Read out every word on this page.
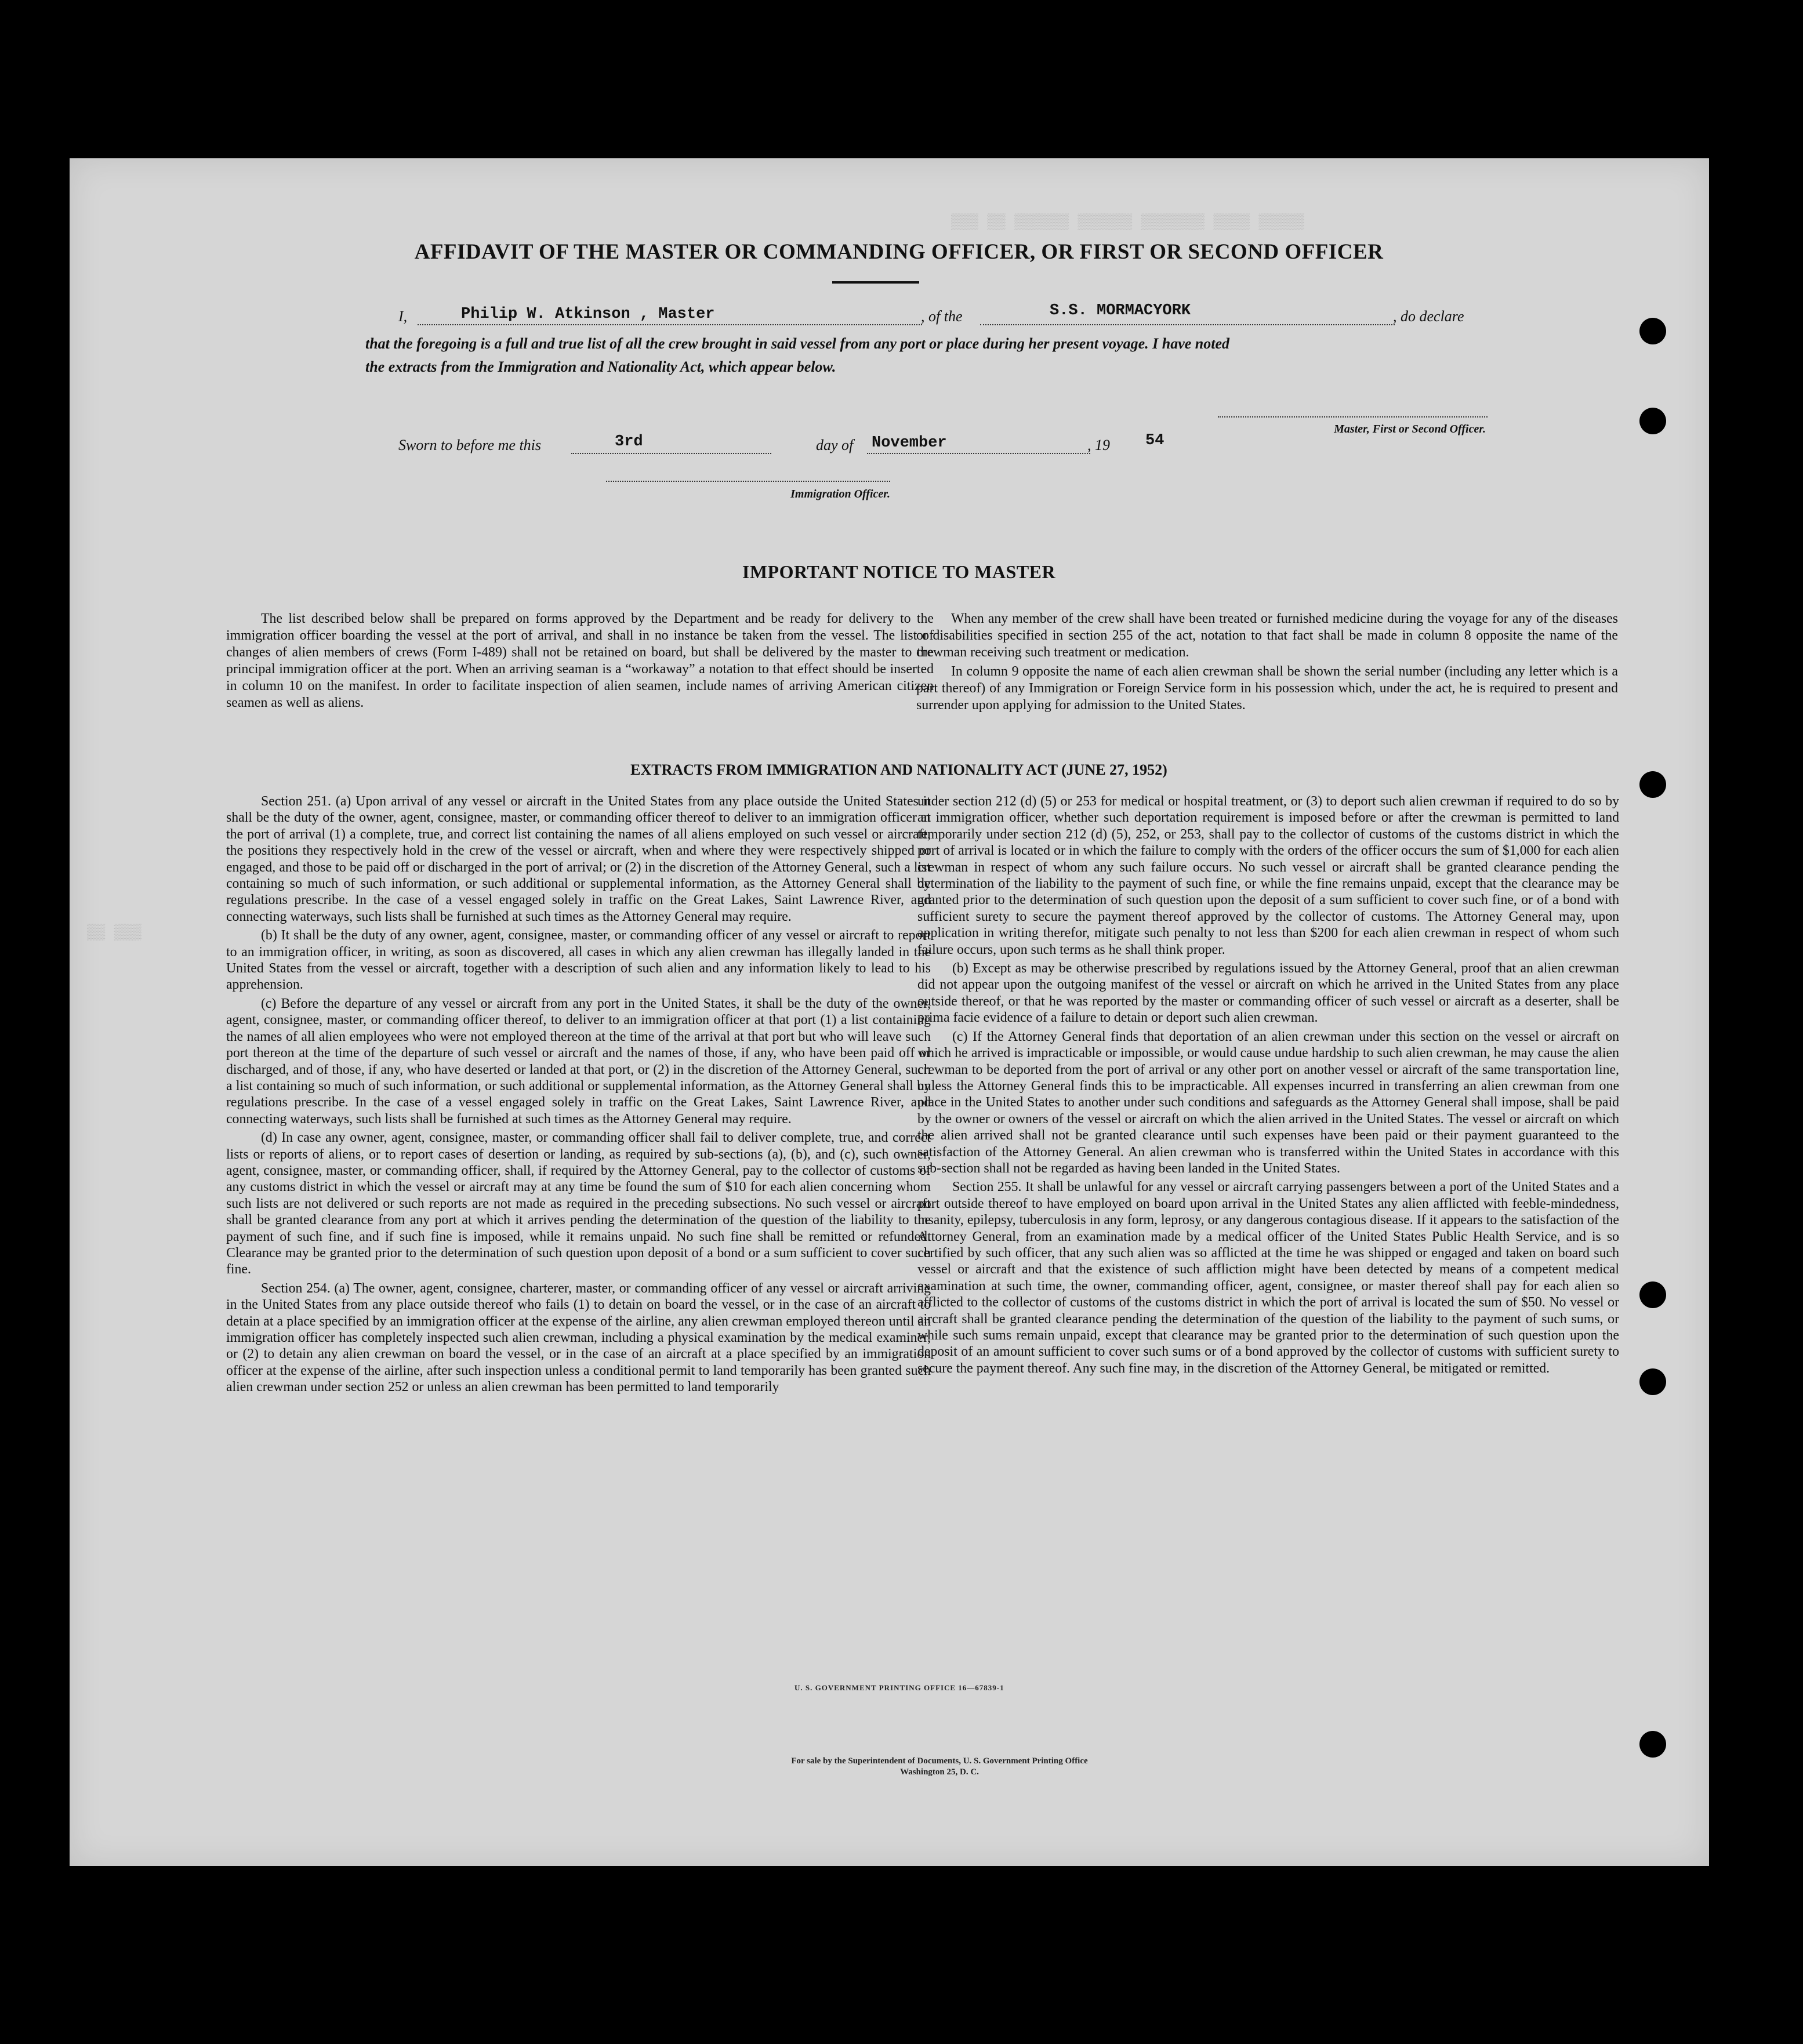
▒▒▒ ▒▒ ▒▒▒▒▒▒ ▒▒▒▒▒▒ ▒▒▒▒▒▒▒ ▒▒▒▒ ▒▒▒▒▒
▒▒ ▒▒▒
AFFIDAVIT OF THE MASTER OR COMMANDING OFFICER, OR FIRST OR SECOND OFFICER
I,	Philip W. Atkinson , Master	, of the	S.S. MORMACYORK	, do declare
that the foregoing is a full and true list of all the crew brought in said vessel from any port or place during her present voyage. I have noted
the extracts from the Immigration and Nationality Act, which appear below.
Master, First or Second Officer.
Sworn to before me this	3rd	day of November	, 19 54
Immigration Officer.
IMPORTANT NOTICE TO MASTER

The list described below shall be prepared on forms approved by the Department and be ready for delivery to the immigration officer boarding the vessel at the port of arrival, and shall in no instance be taken from the vessel. The list of changes of alien members of crews (Form I-489) shall not be retained on board, but shall be delivered by the master to the principal immigration officer at the port. When an arriving seaman is a “workaway” a notation to that effect should be inserted in column 10 on the manifest. In order to facilitate inspection of alien seamen, include names of arriving American citizen seamen as well as aliens.

When any member of the crew shall have been treated or furnished medicine during the voyage for any of the diseases or disabilities specified in section 255 of the act, notation to that fact shall be made in column 8 opposite the name of the crewman receiving such treatment or medication.

In column 9 opposite the name of each alien crewman shall be shown the serial number (including any letter which is a part thereof) of any Immigration or Foreign Service form in his possession which, under the act, he is required to present and surrender upon applying for admission to the United States.

EXTRACTS FROM IMMIGRATION AND NATIONALITY ACT (JUNE 27, 1952)

Section 251. (a) Upon arrival of any vessel or aircraft in the United States from any place outside the United States it shall be the duty of the owner, agent, consignee, master, or commanding officer thereof to deliver to an immigration officer at the port of arrival (1) a complete, true, and correct list containing the names of all aliens employed on such vessel or aircraft, the positions they respectively hold in the crew of the vessel or aircraft, when and where they were respectively shipped or engaged, and those to be paid off or discharged in the port of arrival; or (2) in the discretion of the Attorney General, such a list containing so much of such information, or such additional or supplemental information, as the Attorney General shall by regulations prescribe. In the case of a vessel engaged solely in traffic on the Great Lakes, Saint Lawrence River, and connecting waterways, such lists shall be furnished at such times as the Attorney General may require.

(b) It shall be the duty of any owner, agent, consignee, master, or commanding officer of any vessel or aircraft to report to an immigration officer, in writing, as soon as discovered, all cases in which any alien crewman has illegally landed in the United States from the vessel or aircraft, together with a description of such alien and any information likely to lead to his apprehension.

(c) Before the departure of any vessel or aircraft from any port in the United States, it shall be the duty of the owner, agent, consignee, master, or commanding officer thereof, to deliver to an immigration officer at that port (1) a list containing the names of all alien employees who were not employed thereon at the time of the arrival at that port but who will leave such port thereon at the time of the departure of such vessel or aircraft and the names of those, if any, who have been paid off or discharged, and of those, if any, who have deserted or landed at that port, or (2) in the discretion of the Attorney General, such a list containing so much of such information, or such additional or supplemental information, as the Attorney General shall by regulations prescribe. In the case of a vessel engaged solely in traffic on the Great Lakes, Saint Lawrence River, and connecting waterways, such lists shall be furnished at such times as the Attorney General may require.

(d) In case any owner, agent, consignee, master, or commanding officer shall fail to deliver complete, true, and correct lists or reports of aliens, or to report cases of desertion or landing, as required by sub-sections (a), (b), and (c), such owner, agent, consignee, master, or commanding officer, shall, if required by the Attorney General, pay to the collector of customs of any customs district in which the vessel or aircraft may at any time be found the sum of $10 for each alien concerning whom such lists are not delivered or such reports are not made as required in the preceding subsections. No such vessel or aircraft shall be granted clearance from any port at which it arrives pending the determination of the question of the liability to the payment of such fine, and if such fine is imposed, while it remains unpaid. No such fine shall be remitted or refunded. Clearance may be granted prior to the determination of such question upon deposit of a bond or a sum sufficient to cover such fine.

Section 254. (a) The owner, agent, consignee, charterer, master, or commanding officer of any vessel or aircraft arriving in the United States from any place outside thereof who fails (1) to detain on board the vessel, or in the case of an aircraft to detain at a place specified by an immigration officer at the expense of the airline, any alien crewman employed thereon until an immigration officer has completely inspected such alien crewman, including a physical examination by the medical examiner, or (2) to detain any alien crewman on board the vessel, or in the case of an aircraft at a place specified by an immigration officer at the expense of the airline, after such inspection unless a conditional permit to land temporarily has been granted such alien crewman under section 252 or unless an alien crewman has been permitted to land temporarily

under section 212 (d) (5) or 253 for medical or hospital treatment, or (3) to deport such alien crewman if required to do so by an immigration officer, whether such deportation requirement is imposed before or after the crewman is permitted to land temporarily under section 212 (d) (5), 252, or 253, shall pay to the collector of customs of the customs district in which the port of arrival is located or in which the failure to comply with the orders of the officer occurs the sum of $1,000 for each alien crewman in respect of whom any such failure occurs. No such vessel or aircraft shall be granted clearance pending the determination of the liability to the payment of such fine, or while the fine remains unpaid, except that the clearance may be granted prior to the determination of such question upon the deposit of a sum sufficient to cover such fine, or of a bond with sufficient surety to secure the payment thereof approved by the collector of customs. The Attorney General may, upon application in writing therefor, mitigate such penalty to not less than $200 for each alien crewman in respect of whom such failure occurs, upon such terms as he shall think proper.

(b) Except as may be otherwise prescribed by regulations issued by the Attorney General, proof that an alien crewman did not appear upon the outgoing manifest of the vessel or aircraft on which he arrived in the United States from any place outside thereof, or that he was reported by the master or commanding officer of such vessel or aircraft as a deserter, shall be prima facie evidence of a failure to detain or deport such alien crewman.

(c) If the Attorney General finds that deportation of an alien crewman under this section on the vessel or aircraft on which he arrived is impracticable or impossible, or would cause undue hardship to such alien crewman, he may cause the alien crewman to be deported from the port of arrival or any other port on another vessel or aircraft of the same transportation line, unless the Attorney General finds this to be impracticable. All expenses incurred in transferring an alien crewman from one place in the United States to another under such conditions and safeguards as the Attorney General shall impose, shall be paid by the owner or owners of the vessel or aircraft on which the alien arrived in the United States. The vessel or aircraft on which the alien arrived shall not be granted clearance until such expenses have been paid or their payment guaranteed to the satisfaction of the Attorney General. An alien crewman who is transferred within the United States in accordance with this sub-section shall not be regarded as having been landed in the United States.

Section 255. It shall be unlawful for any vessel or aircraft carrying passengers between a port of the United States and a port outside thereof to have employed on board upon arrival in the United States any alien afflicted with feeble-mindedness, insanity, epilepsy, tuberculosis in any form, leprosy, or any dangerous contagious disease. If it appears to the satisfaction of the Attorney General, from an examination made by a medical officer of the United States Public Health Service, and is so certified by such officer, that any such alien was so afflicted at the time he was shipped or engaged and taken on board such vessel or aircraft and that the existence of such affliction might have been detected by means of a competent medical examination at such time, the owner, commanding officer, agent, consignee, or master thereof shall pay for each alien so afflicted to the collector of customs of the customs district in which the port of arrival is located the sum of $50. No vessel or aircraft shall be granted clearance pending the determination of the question of the liability to the payment of such sums, or while such sums remain unpaid, except that clearance may be granted prior to the determination of such question upon the deposit of an amount sufficient to cover such sums or of a bond approved by the collector of customs with sufficient surety to secure the payment thereof. Any such fine may, in the discretion of the Attorney General, be mitigated or remitted.

U. S. GOVERNMENT PRINTING OFFICE 16—67839-1
For sale by the Superintendent of Documents, U. S. Government Printing Office
Washington 25, D. C.
